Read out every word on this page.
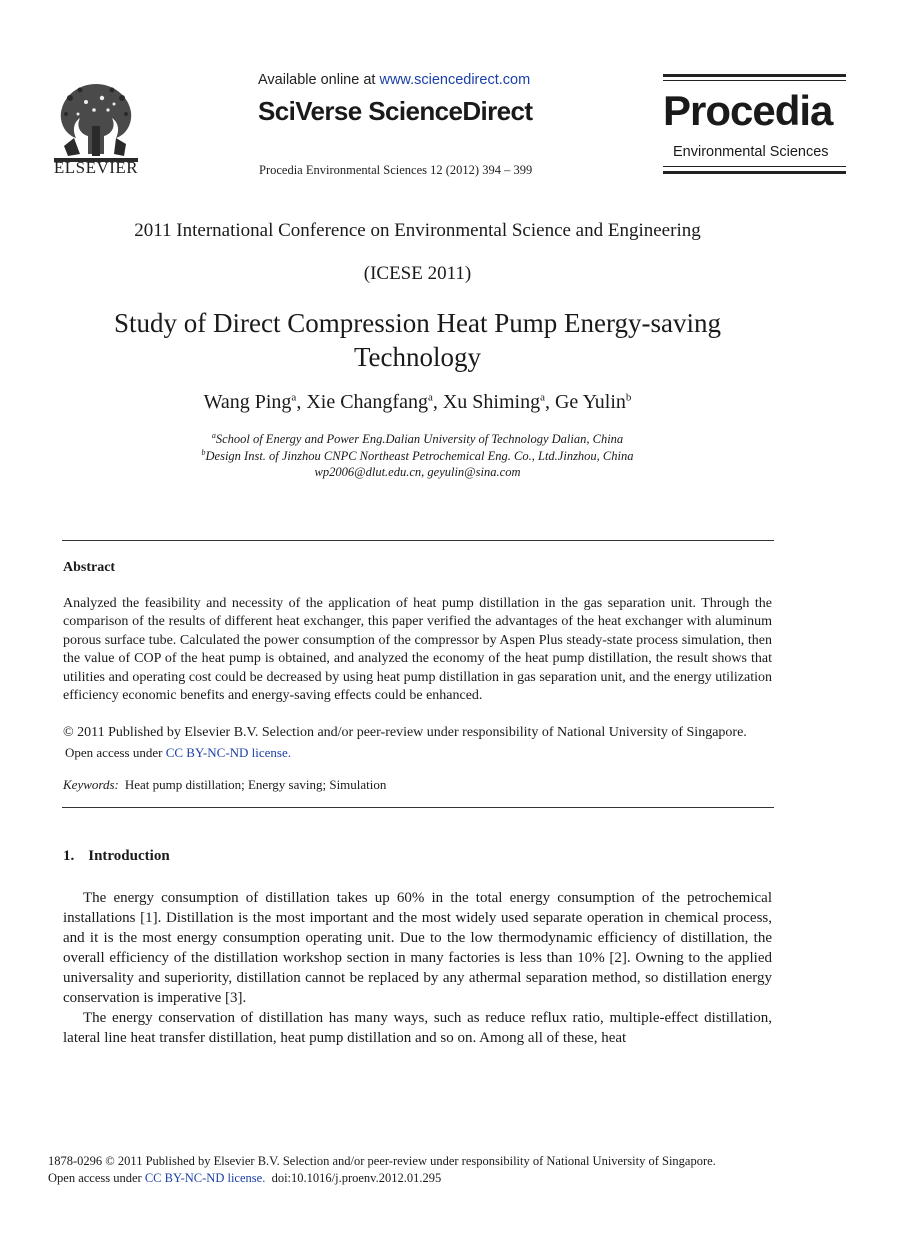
ELSEVIER
Available online at www.sciencedirect.com
SciVerse ScienceDirect
Procedia Environmental Sciences 12 (2012) 394 – 399
Procedia
Environmental Sciences
2011 International Conference on Environmental Science and Engineering
(ICESE 2011)
Study of Direct Compression Heat Pump Energy-saving Technology
Wang Ping$^a$, Xie Changfang$^a$, Xu Shiming$^a$, Ge Yulin$^b$
$^a$School of Energy and Power Eng.Dalian University of Technology Dalian, China
$^b$Design Inst. of Jinzhou CNPC Northeast Petrochemical Eng. Co., Ltd.Jinzhou, China
wp2006@dlut.edu.cn, geyulin@sina.com
Abstract
Analyzed the feasibility and necessity of the application of heat pump distillation in the gas separation unit. Through the comparison of the results of different heat exchanger, this paper verified the advantages of the heat exchanger with aluminum porous surface tube. Calculated the power consumption of the compressor by Aspen Plus steady-state process simulation, then the value of COP of the heat pump is obtained, and analyzed the economy of the heat pump distillation, the result shows that utilities and operating cost could be decreased by using heat pump distillation in gas separation unit, and the energy utilization efficiency economic benefits and energy-saving effects could be enhanced.
© 2011 Published by Elsevier B.V. Selection and/or peer-review under responsibility of National University of Singapore.
Open access under CC BY-NC-ND license.
Keywords: Heat pump distillation; Energy saving; Simulation
1. Introduction

The energy consumption of distillation takes up 60% in the total energy consumption of the petrochemical installations [1]. Distillation is the most important and the most widely used separate operation in chemical process, and it is the most energy consumption operating unit. Due to the low thermodynamic efficiency of distillation, the overall efficiency of the distillation workshop section in many factories is less than 10% [2]. Owning to the applied universality and superiority, distillation cannot be replaced by any athermal separation method, so distillation energy conservation is imperative [3].

The energy conservation of distillation has many ways, such as reduce reflux ratio, multiple-effect distillation, lateral line heat transfer distillation, heat pump distillation and so on. Among all of these, heat

1878-0296 © 2011 Published by Elsevier B.V. Selection and/or peer-review under responsibility of National University of Singapore.
Open access under CC BY-NC-ND license. doi:10.1016/j.proenv.2012.01.295
